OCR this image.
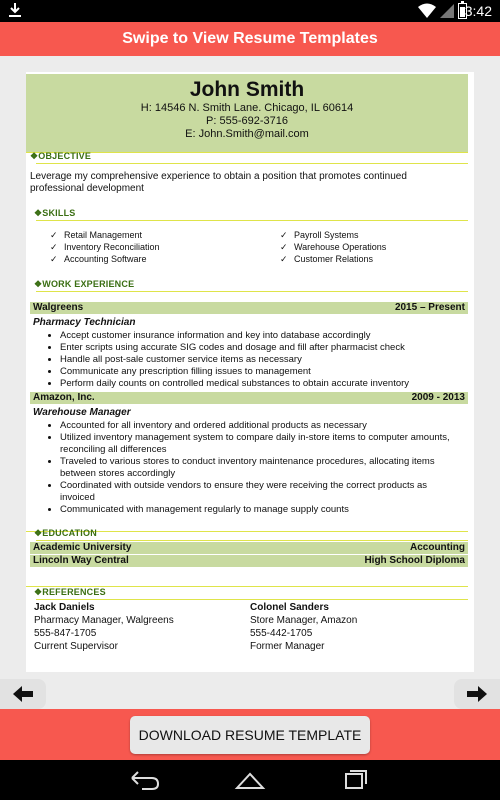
3:42
Swipe to View Resume Templates
John Smith
H: 14546 N. Smith Lane. Chicago, IL 60614
P: 555-692-3716
E: John.Smith@mail.com
❖OBJECTIVE
Leverage my comprehensive experience to obtain a position that promotes continued professional development
❖SKILLS
✓ Retail Management
✓ Inventory Reconciliation
✓ Accounting Software
✓ Payroll Systems
✓ Warehouse Operations
✓ Customer Relations
❖WORK EXPERIENCE
Walgreens	2015 – Present
Pharmacy Technician
• Accept customer insurance information and key into database accordingly
• Enter scripts using accurate SIG codes and dosage and fill after pharmacist check
• Handle all post-sale customer service items as necessary
• Communicate any prescription filling issues to management
• Perform daily counts on controlled medical substances to obtain accurate inventory
Amazon, Inc.	2009 - 2013
Warehouse Manager
• Accounted for all inventory and ordered additional products as necessary
• Utilized inventory management system to compare daily in-store items to computer amounts, reconciling all differences
• Traveled to various stores to conduct inventory maintenance procedures, allocating items between stores accordingly
• Coordinated with outside vendors to ensure they were receiving the correct products as invoiced
• Communicated with management regularly to manage supply counts
❖EDUCATION
Academic University	Accounting
Lincoln Way Central	High School Diploma
❖REFERENCES
Jack Daniels
Pharmacy Manager, Walgreens
555-847-1705
Current Supervisor
Colonel Sanders
Store Manager, Amazon
555-442-1705
Former Manager
DOWNLOAD RESUME TEMPLATE
